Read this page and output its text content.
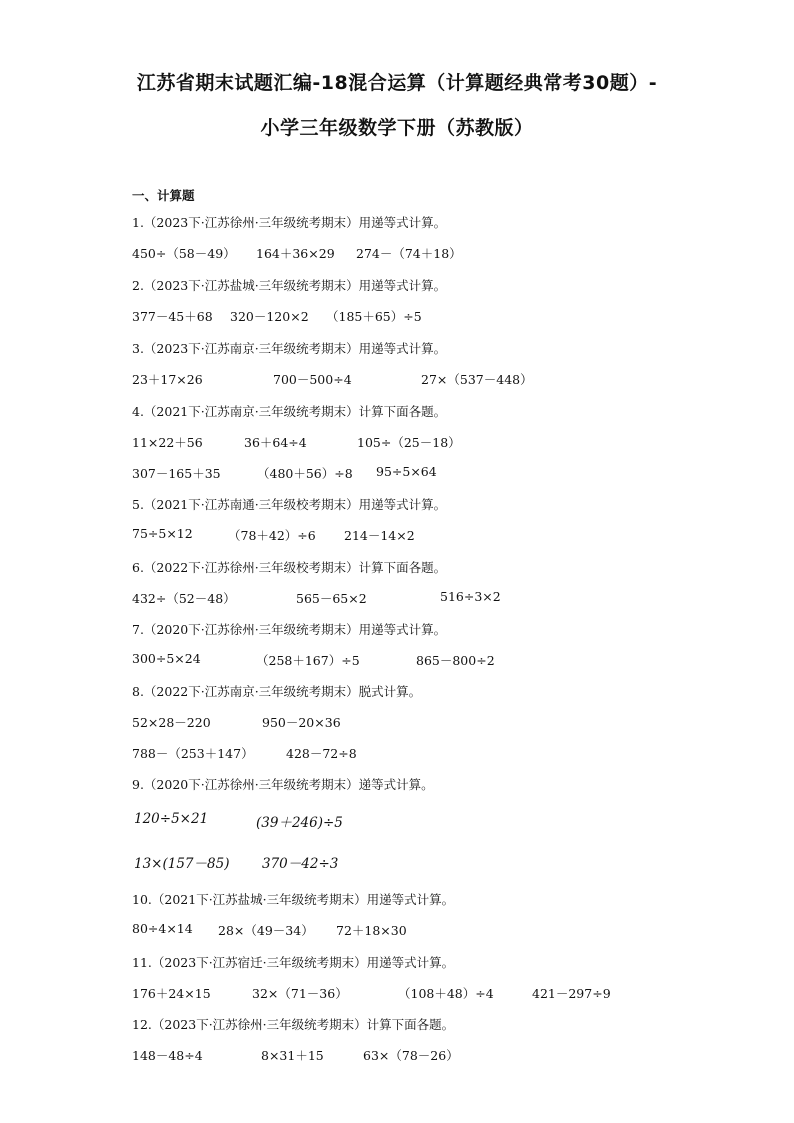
江苏省期末试题汇编-18混合运算（计算题经典常考30题）-
小学三年级数学下册（苏教版）
一、计算题
1.（2023下·江苏徐州·三年级统考期末）用递等式计算。
450÷（58－49） 164＋36×29 274－（74＋18）
2.（2023下·江苏盐城·三年级统考期末）用递等式计算。
377－45＋68 320－120×2 （185＋65）÷5
3.（2023下·江苏南京·三年级统考期末）用递等式计算。
23＋17×26	700－500÷4	27×（537－448）
4.（2021下·江苏南京·三年级统考期末）计算下面各题。
11×22＋56	36＋64÷4	105÷（25－18）
307－165＋35	（480＋56）÷8 95÷5×64
5.（2021下·江苏南通·三年级校考期末）用递等式计算。
75÷5×12	（78＋42）÷6 214－14×2
6.（2022下·江苏徐州·三年级校考期末）计算下面各题。
432÷（52－48）	565－65×2	516÷3×2
7.（2020下·江苏徐州·三年级统考期末）用递等式计算。
300÷5×24	（258＋167）÷5	865－800÷2
8.（2022下·江苏南京·三年级统考期末）脱式计算。
52×28－220	950－20×36
788－（253＋147）	428－72÷8
9.（2020下·江苏徐州·三年级统考期末）递等式计算。
120÷5×21	(39＋246)÷5
13×(157－85) 370－42÷3
10.（2021下·江苏盐城·三年级统考期末）用递等式计算。
80÷4×14 28×（49－34） 72＋18×30
11.（2023下·江苏宿迁·三年级统考期末）用递等式计算。
176＋24×15	32×（71－36）	（108＋48）÷4	421－297÷9
12.（2023下·江苏徐州·三年级统考期末）计算下面各题。
148－48÷4	8×31＋15	63×（78－26）
